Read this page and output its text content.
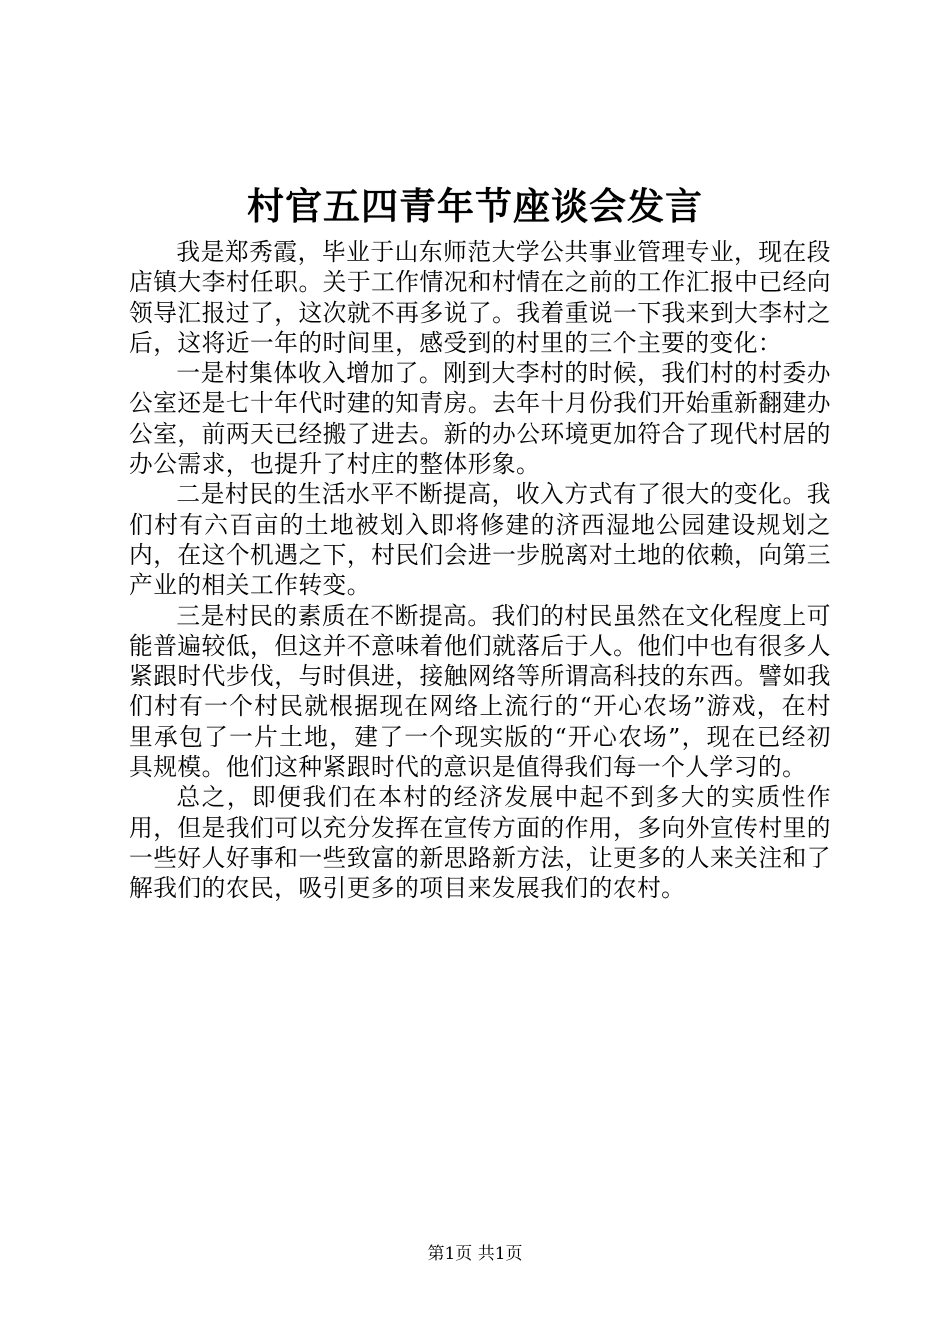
村官五四青年节座谈会发言

我是郑秀霞，毕业于山东师范大学公共事业管理专业，现在段店镇大李村任职。关于工作情况和村情在之前的工作汇报中已经向领导汇报过了，这次就不再多说了。我着重说一下我来到大李村之后，这将近一年的时间里，感受到的村里的三个主要的变化：

一是村集体收入增加了。刚到大李村的时候，我们村的村委办公室还是七十年代时建的知青房。去年十月份我们开始重新翻建办公室，前两天已经搬了进去。新的办公环境更加符合了现代村居的办公需求，也提升了村庄的整体形象。

二是村民的生活水平不断提高，收入方式有了很大的变化。我们村有六百亩的土地被划入即将修建的济西湿地公园建设规划之内，在这个机遇之下，村民们会进一步脱离对土地的依赖，向第三产业的相关工作转变。

三是村民的素质在不断提高。我们的村民虽然在文化程度上可能普遍较低，但这并不意味着他们就落后于人。他们中也有很多人紧跟时代步伐，与时俱进，接触网络等所谓高科技的东西。譬如我们村有一个村民就根据现在网络上流行的“开心农场”游戏，在村里承包了一片土地，建了一个现实版的“开心农场”，现在已经初具规模。他们这种紧跟时代的意识是值得我们每一个人学习的。

总之，即便我们在本村的经济发展中起不到多大的实质性作用，但是我们可以充分发挥在宣传方面的作用，多向外宣传村里的一些好人好事和一些致富的新思路新方法，让更多的人来关注和了解我们的农民，吸引更多的项目来发展我们的农村。

第1页 共1页
